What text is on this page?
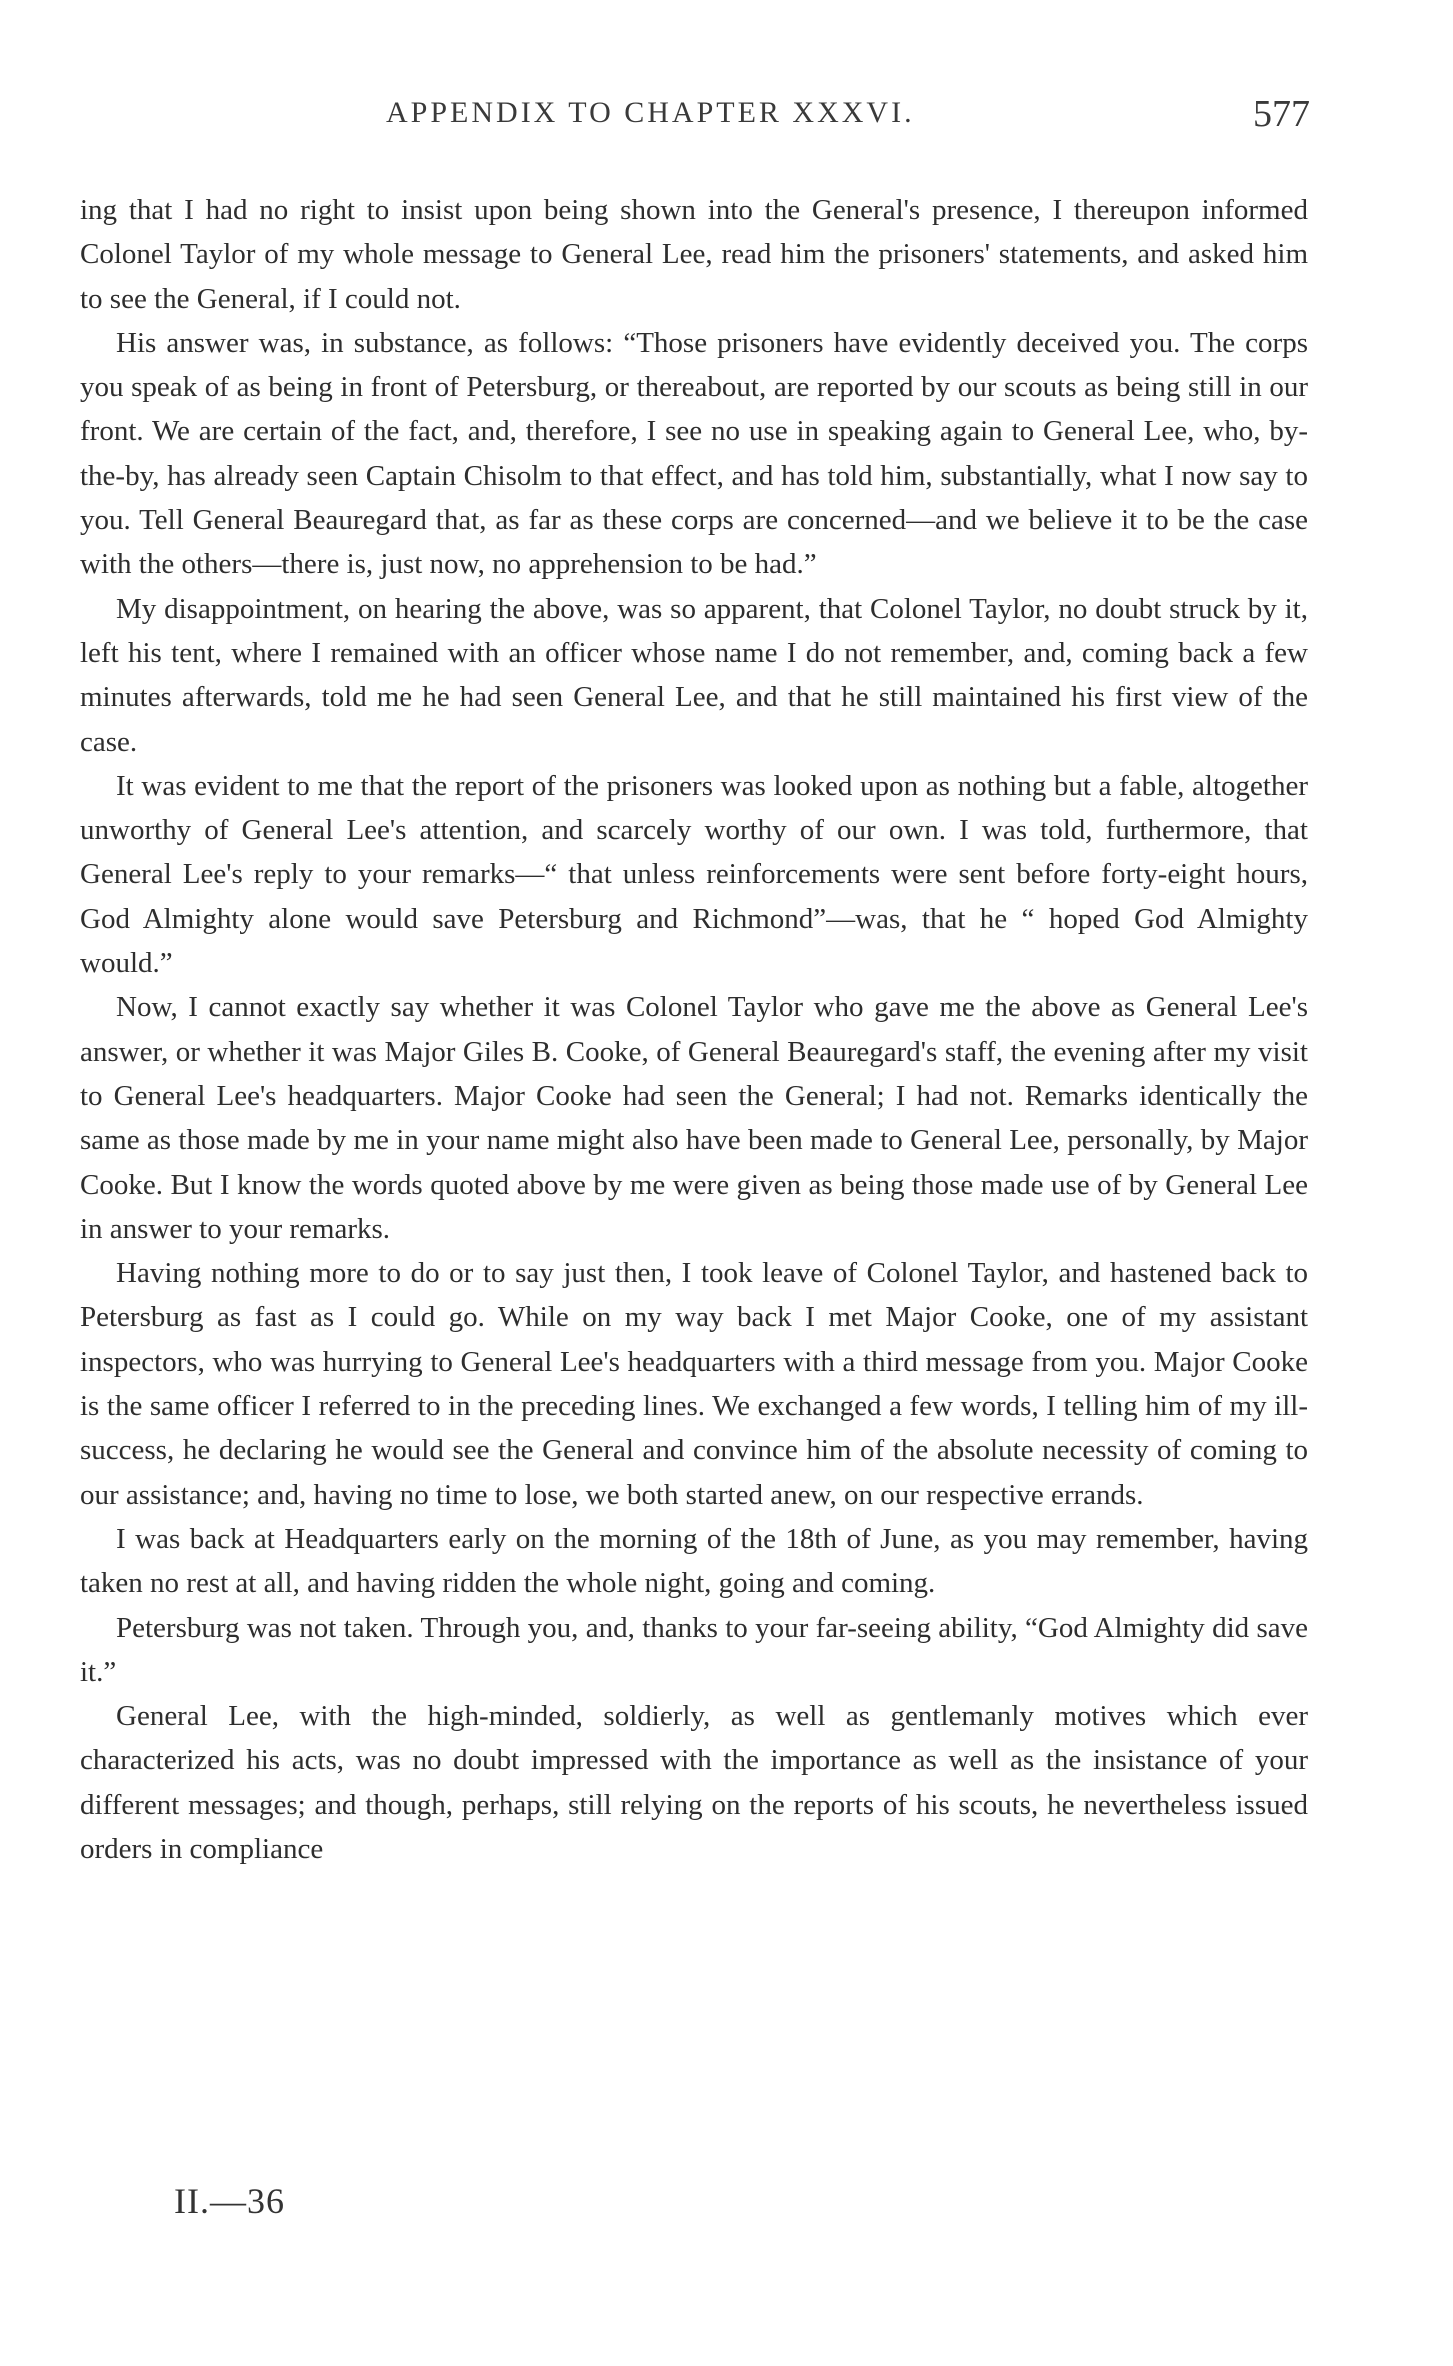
APPENDIX TO CHAPTER XXXVI.	577

ing that I had no right to insist upon being shown into the General's presence, I thereupon informed Colonel Taylor of my whole message to General Lee, read him the prisoners' statements, and asked him to see the General, if I could not.

His answer was, in substance, as follows: “Those prisoners have evidently deceived you. The corps you speak of as being in front of Petersburg, or thereabout, are reported by our scouts as being still in our front. We are certain of the fact, and, therefore, I see no use in speaking again to General Lee, who, by-the-by, has already seen Captain Chisolm to that effect, and has told him, substantially, what I now say to you. Tell General Beauregard that, as far as these corps are concerned—and we believe it to be the case with the others—there is, just now, no apprehension to be had.”

My disappointment, on hearing the above, was so apparent, that Colonel Taylor, no doubt struck by it, left his tent, where I remained with an officer whose name I do not remember, and, coming back a few minutes afterwards, told me he had seen General Lee, and that he still maintained his first view of the case.

It was evident to me that the report of the prisoners was looked upon as nothing but a fable, altogether unworthy of General Lee's attention, and scarcely worthy of our own. I was told, furthermore, that General Lee's reply to your remarks—“ that unless reinforcements were sent before forty-eight hours, God Almighty alone would save Petersburg and Richmond”—was, that he “ hoped God Almighty would.”

Now, I cannot exactly say whether it was Colonel Taylor who gave me the above as General Lee's answer, or whether it was Major Giles B. Cooke, of General Beauregard's staff, the evening after my visit to General Lee's headquarters. Major Cooke had seen the General; I had not. Remarks identically the same as those made by me in your name might also have been made to General Lee, personally, by Major Cooke. But I know the words quoted above by me were given as being those made use of by General Lee in answer to your remarks.

Having nothing more to do or to say just then, I took leave of Colonel Taylor, and hastened back to Petersburg as fast as I could go. While on my way back I met Major Cooke, one of my assistant inspectors, who was hurrying to General Lee's headquarters with a third message from you. Major Cooke is the same officer I referred to in the preceding lines. We exchanged a few words, I telling him of my ill-success, he declaring he would see the General and convince him of the absolute necessity of coming to our assistance; and, having no time to lose, we both started anew, on our respective errands.

I was back at Headquarters early on the morning of the 18th of June, as you may remember, having taken no rest at all, and having ridden the whole night, going and coming.

Petersburg was not taken. Through you, and, thanks to your far-seeing ability, “God Almighty did save it.”

General Lee, with the high-minded, soldierly, as well as gentlemanly motives which ever characterized his acts, was no doubt impressed with the importance as well as the insistance of your different messages; and though, perhaps, still relying on the reports of his scouts, he nevertheless issued orders in compliance

II.—36
